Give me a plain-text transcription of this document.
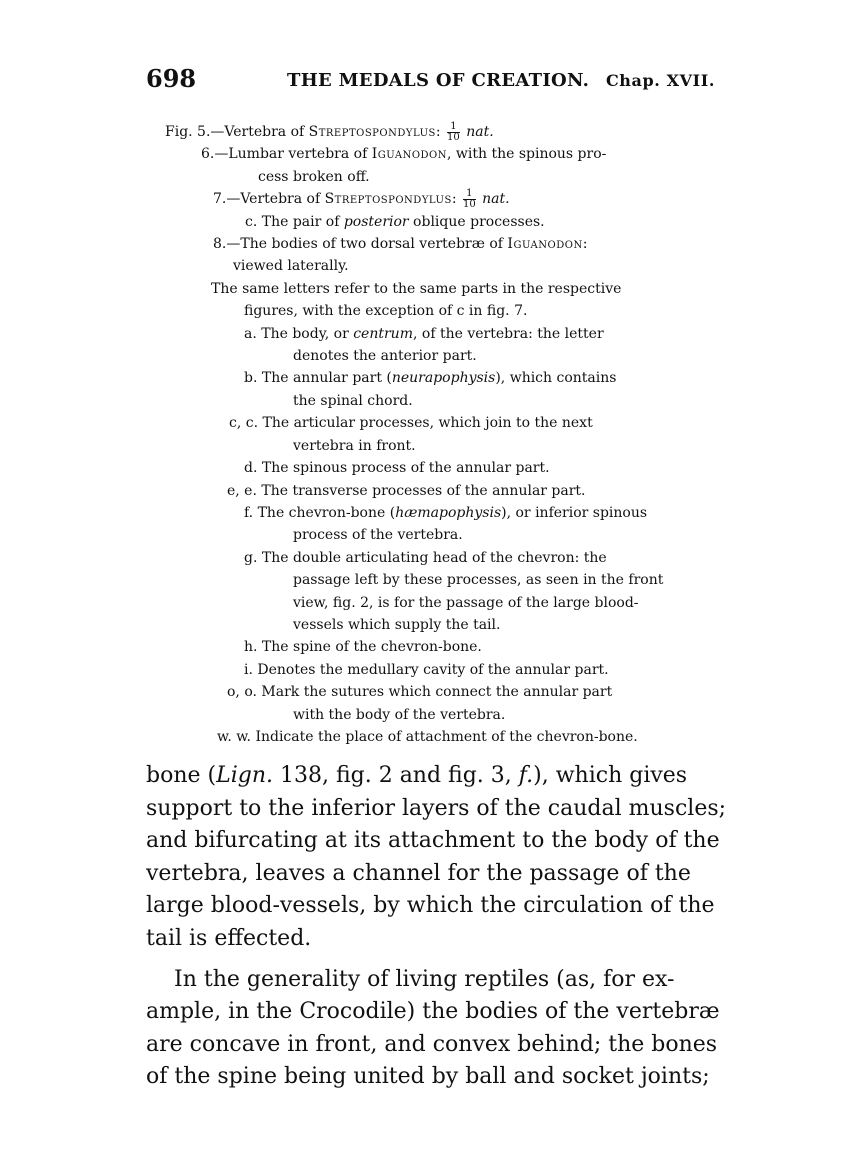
698	THE MEDALS OF CREATION. Chap. XVII.
Fig. 5.—Vertebra of Streptospondylus: $\frac{1}{10}$ nat.
6.—Lumbar vertebra of Iguanodon, with the spinous pro-
cess broken off.
7.—Vertebra of Streptospondylus: $\frac{1}{10}$ nat.
c. The pair of posterior oblique processes.
8.—The bodies of two dorsal vertebræ of Iguanodon:
viewed laterally.
The same letters refer to the same parts in the respective
figures, with the exception of c in fig. 7.
a. The body, or centrum, of the vertebra: the letter
denotes the anterior part.
b. The annular part (neurapophysis), which contains
the spinal chord.
c, c. The articular processes, which join to the next
vertebra in front.
d. The spinous process of the annular part.
e, e. The transverse processes of the annular part.
f. The chevron-bone (hæmapophysis), or inferior spinous
process of the vertebra.
g. The double articulating head of the chevron: the
passage left by these processes, as seen in the front
view, fig. 2, is for the passage of the large blood-
vessels which supply the tail.
h. The spine of the chevron-bone.
i. Denotes the medullary cavity of the annular part.
o, o. Mark the sutures which connect the annular part
with the body of the vertebra.
w. w. Indicate the place of attachment of the chevron-bone.
bone (Lign. 138, fig. 2 and fig. 3, f.), which gives
support to the inferior layers of the caudal muscles;
and bifurcating at its attachment to the body of the
vertebra, leaves a channel for the passage of the
large blood-vessels, by which the circulation of the
tail is effected.
In the generality of living reptiles (as, for ex-
ample, in the Crocodile) the bodies of the vertebræ
are concave in front, and convex behind; the bones
of the spine being united by ball and socket joints;
